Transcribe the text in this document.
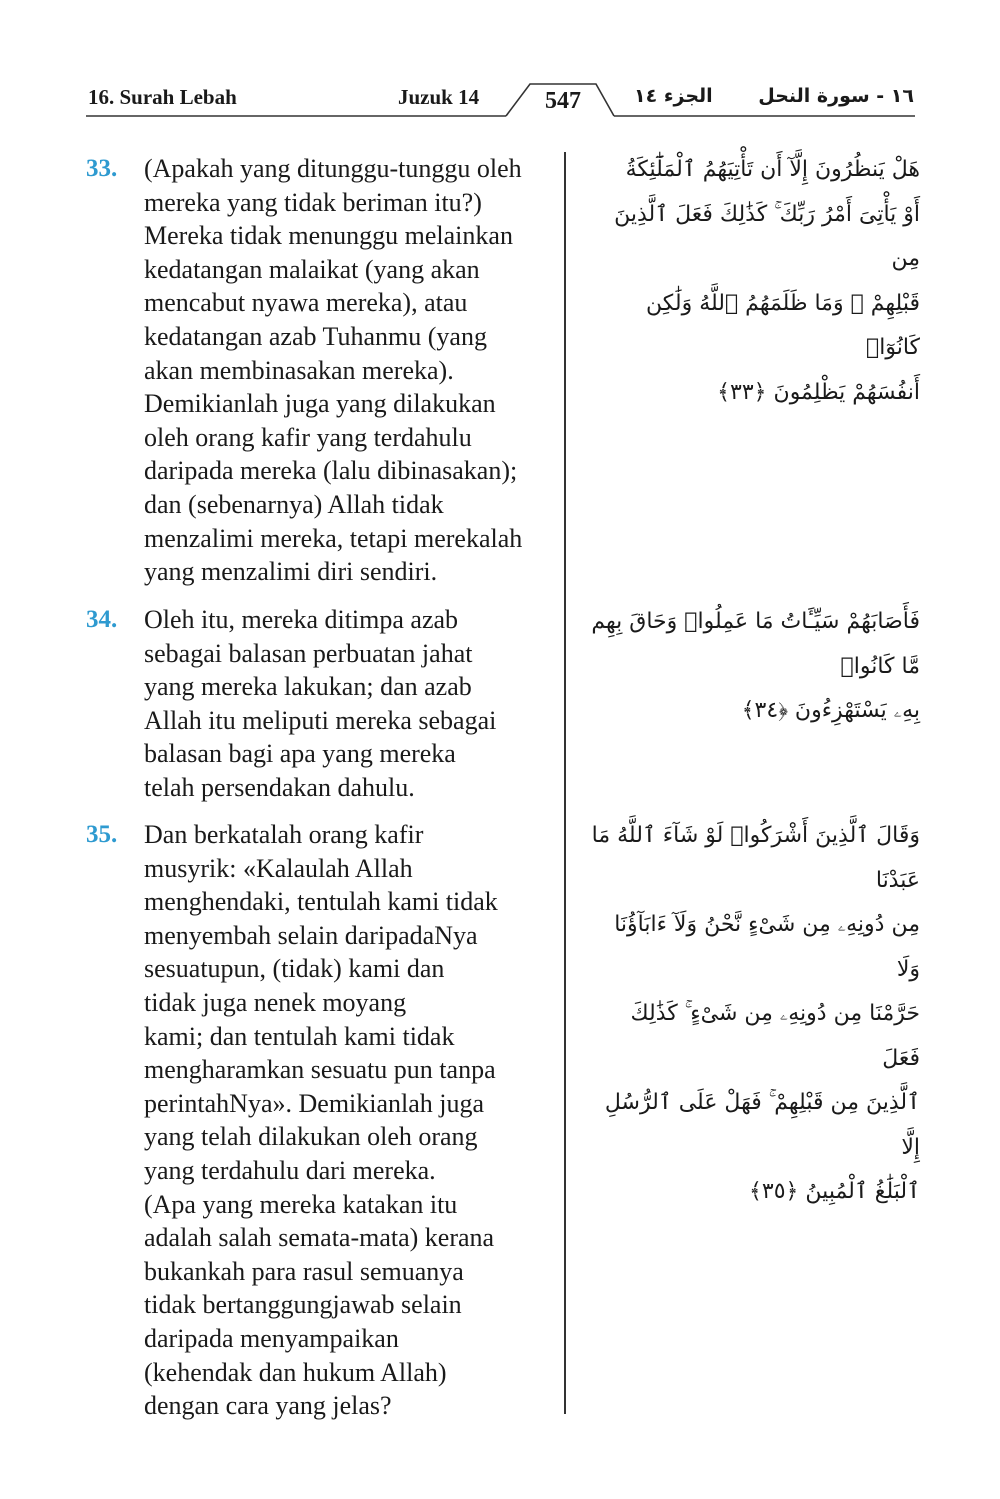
16. Surah Lebah	Juzuk 14	547	الجزء ١٤ ١٦ - سورة النحل
33. (Apakah yang ditunggu-tunggu oleh
mereka yang tidak beriman itu?)
Mereka tidak menunggu melainkan
kedatangan malaikat (yang akan
mencabut nyawa mereka), atau
kedatangan azab Tuhanmu (yang
akan membinasakan mereka).
Demikianlah juga yang dilakukan
oleh orang kafir yang terdahulu
daripada mereka (lalu dibinasakan);
dan (sebenarnya) Allah tidak
menzalimi mereka, tetapi merekalah
yang menzalimi diri sendiri.
هَلْ يَنظُرُونَ إِلَّآ أَن تَأْتِيَهُمُ ٱلْمَلَٰٓئِكَةُ
أَوْ يَأْتِىَ أَمْرُ رَبِّكَ ۚ كَذَٰلِكَ فَعَلَ ٱلَّذِينَ مِن
قَبْلِهِمْ ۚ وَمَا ظَلَمَهُمُ ٱللَّهُ وَلَٰكِن كَانُوٓا۟
أَنفُسَهُمْ يَظْلِمُونَ ﴿٣٣﴾
34. Oleh itu, mereka ditimpa azab
sebagai balasan perbuatan jahat
yang mereka lakukan; dan azab
Allah itu meliputi mereka sebagai
balasan bagi apa yang mereka
telah persendakan dahulu.
فَأَصَابَهُمْ سَيِّـَٔاتُ مَا عَمِلُوا۟ وَحَاقَ بِهِم مَّا كَانُوا۟
بِهِۦ يَسْتَهْزِءُونَ ﴿٣٤﴾
35. Dan berkatalah orang kafir
musyrik: «Kalaulah Allah
menghendaki, tentulah kami tidak
menyembah selain daripadaNya
sesuatupun, (tidak) kami dan
tidak juga nenek moyang
kami; dan tentulah kami tidak
mengharamkan sesuatu pun tanpa
perintahNya». Demikianlah juga
yang telah dilakukan oleh orang
yang terdahulu dari mereka.
(Apa yang mereka katakan itu
adalah salah semata-mata) kerana
bukankah para rasul semuanya
tidak bertanggungjawab selain
daripada menyampaikan
(kehendak dan hukum Allah)
dengan cara yang jelas?
وَقَالَ ٱلَّذِينَ أَشْرَكُوا۟ لَوْ شَآءَ ٱللَّهُ مَا عَبَدْنَا
مِن دُونِهِۦ مِن شَىْءٍ نَّحْنُ وَلَآ ءَابَآؤُنَا وَلَا
حَرَّمْنَا مِن دُونِهِۦ مِن شَىْءٍ ۚ كَذَٰلِكَ فَعَلَ
ٱلَّذِينَ مِن قَبْلِهِمْ ۚ فَهَلْ عَلَى ٱلرُّسُلِ إِلَّا
ٱلْبَلَٰغُ ٱلْمُبِينُ ﴿٣٥﴾
